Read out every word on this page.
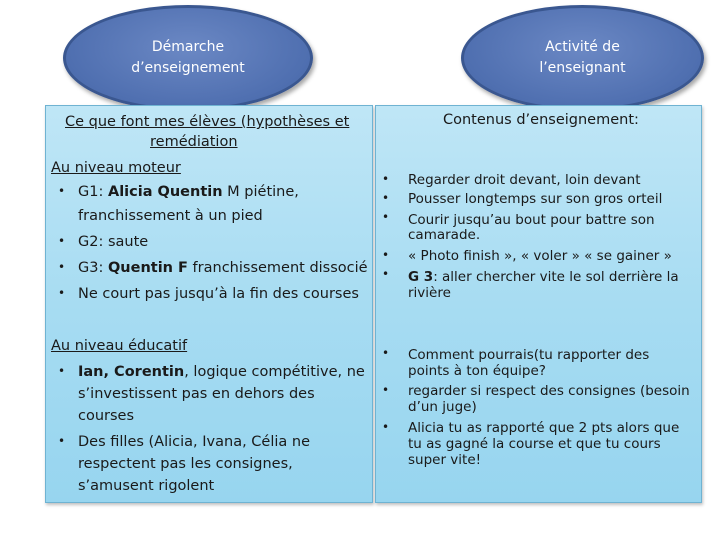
Démarche
d’enseignement
Activité de
l’enseignant
Ce que font mes élèves (hypothèses et
remédiation
Au niveau moteur
• G1: Alicia Quentin M piétine,
franchissement à un pied
• G2: saute
• G3: Quentin F franchissement dissocié
• Ne court pas jusqu’à la fin des courses
Au niveau éducatif
• Ian, Corentin, logique compétitive, ne
s’investissent pas en dehors des
courses
• Des filles (Alicia, Ivana, Célia ne
respectent pas les consignes,
s’amusent rigolent
Contenus d’enseignement:
• Regarder droit devant, loin devant
• Pousser longtemps sur son gros orteil
• Courir jusqu’au bout pour battre son
camarade.
• « Photo finish », « voler » « se gainer »
• G 3: aller chercher vite le sol derrière la
rivière
• Comment pourrais(tu rapporter des
points à ton équipe?
• regarder si respect des consignes (besoin
d’un juge)
• Alicia tu as rapporté que 2 pts alors que
tu as gagné la course et que tu cours
super vite!
